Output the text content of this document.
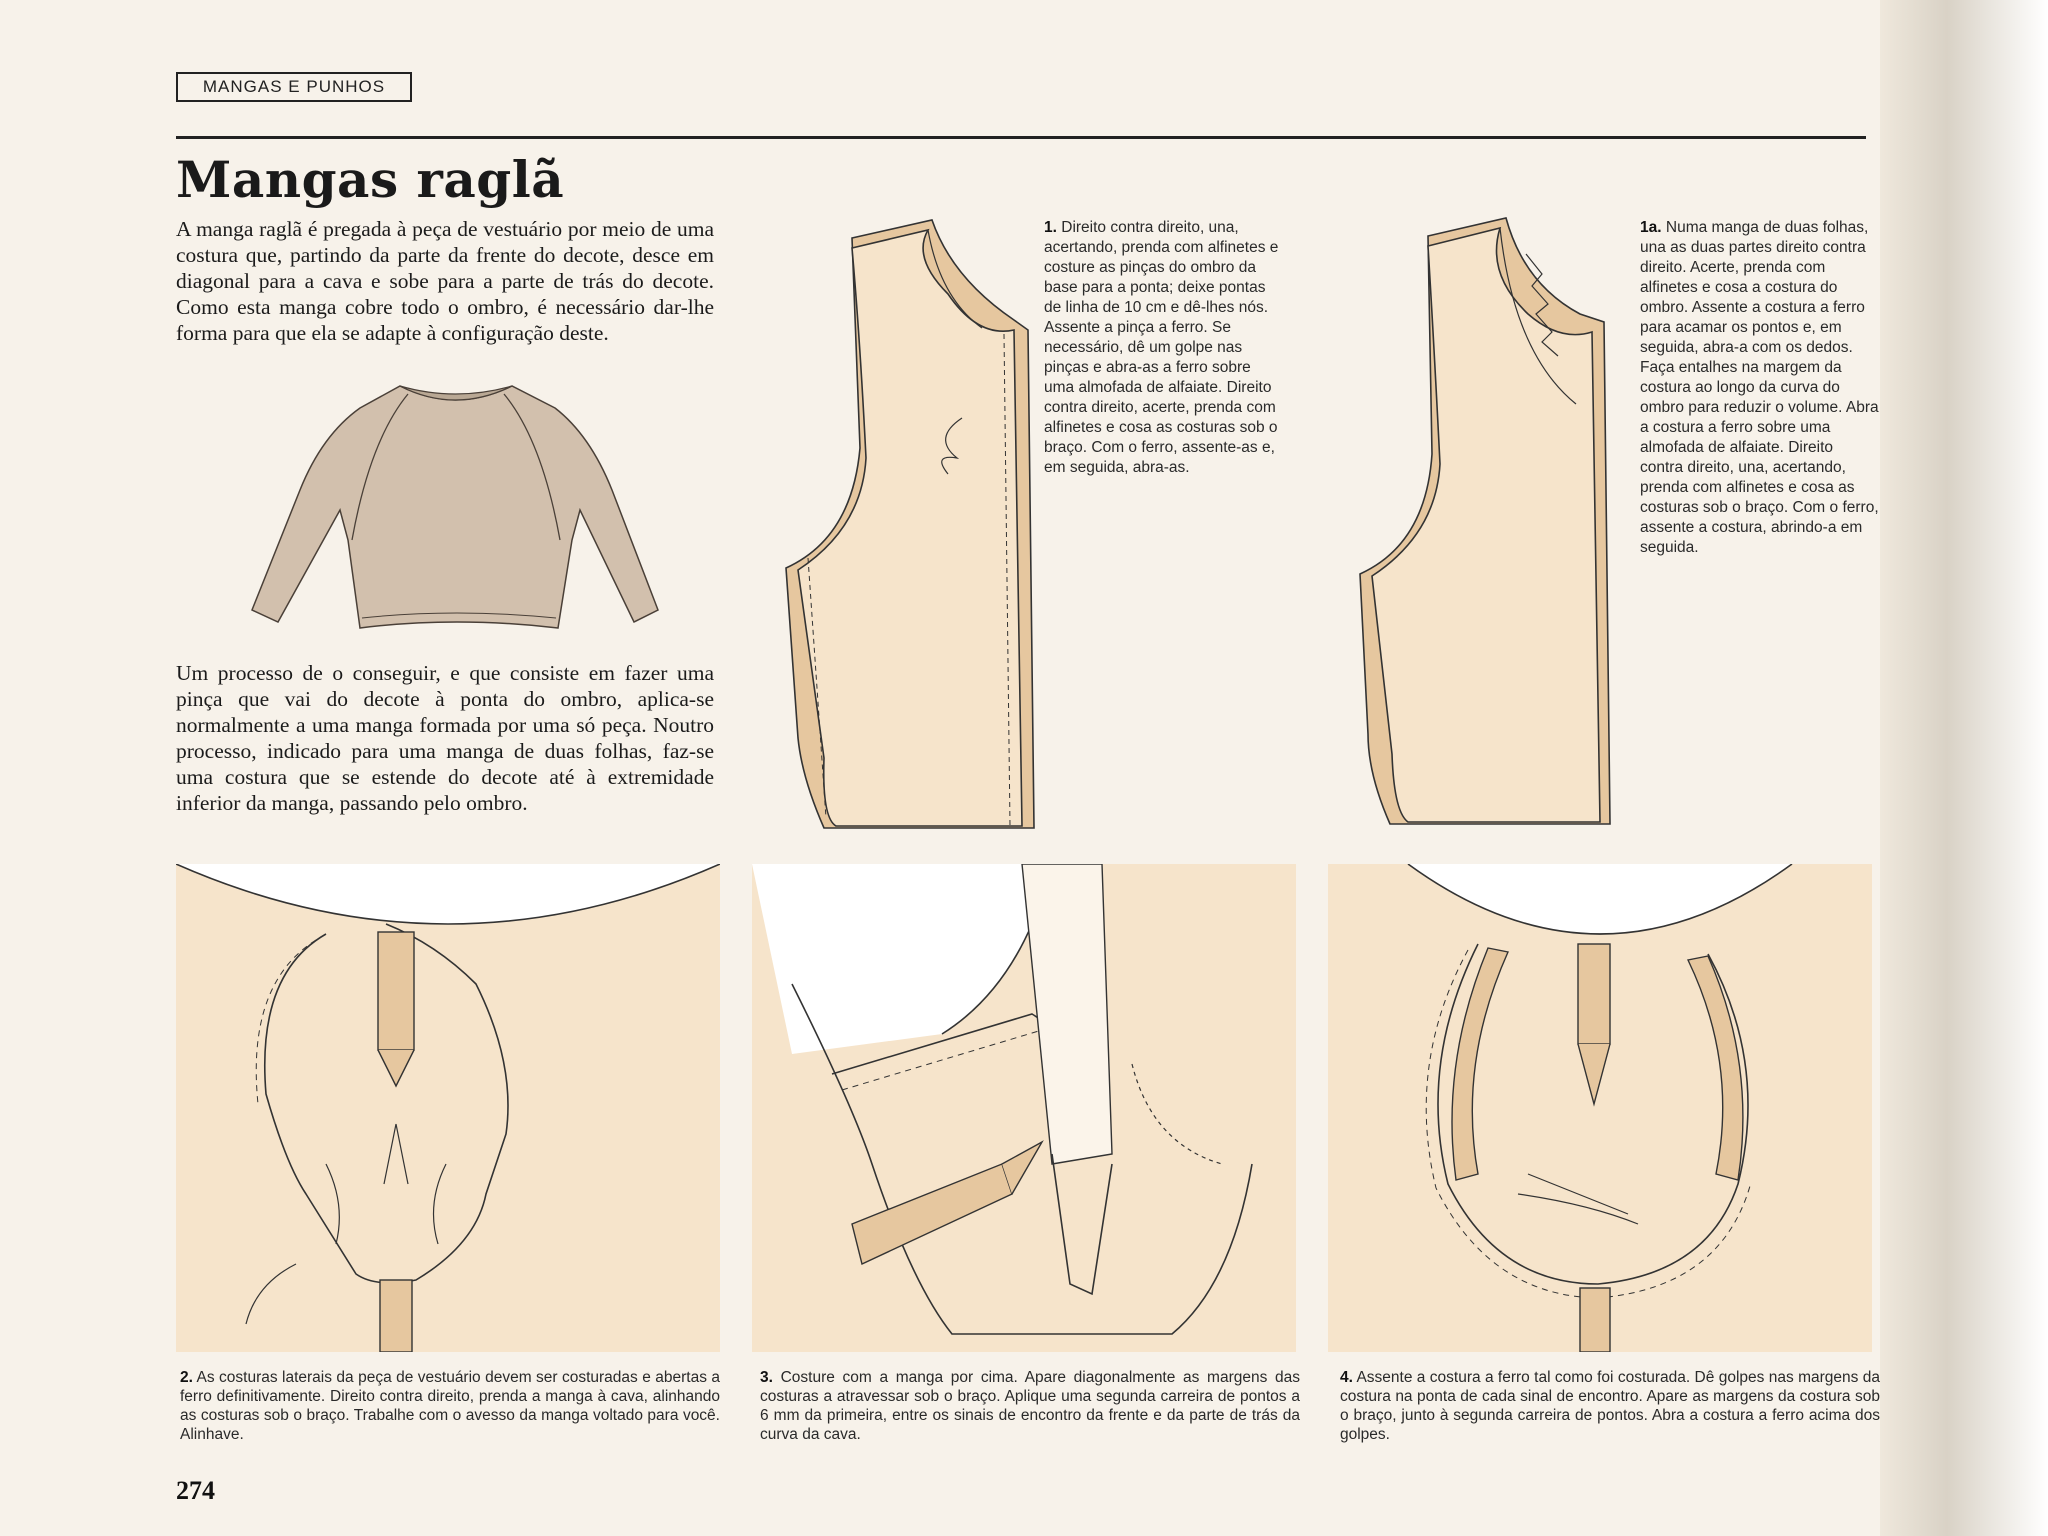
MANGAS E PUNHOS
Mangas raglã

A manga raglã é pregada à peça de vestuário por meio de uma costura que, partindo da parte da frente do decote, desce em diagonal para a cava e sobe para a parte de trás do decote. Como esta manga cobre todo o ombro, é necessário dar-lhe forma para que ela se adapte à configuração deste.

Um processo de o conseguir, e que consiste em fazer uma pinça que vai do decote à ponta do ombro, aplica-se normalmente a uma manga formada por uma só peça. Noutro processo, indicado para uma manga de duas folhas, faz-se uma costura que se estende do decote até à extremidade inferior da manga, passando pelo ombro.

1. Direito contra direito, una, acertando, prenda com alfinetes e costure as pinças do ombro da base para a ponta; deixe pontas de linha de 10 cm e dê-lhes nós. Assente a pinça a ferro. Se necessário, dê um golpe nas pinças e abra-as a ferro sobre uma almofada de alfaiate. Direito contra direito, acerte, prenda com alfinetes e cosa as costuras sob o braço. Com o ferro, assente-as e, em seguida, abra-as.

1a. Numa manga de duas folhas, una as duas partes direito contra direito. Acerte, prenda com alfinetes e cosa a costura do ombro. Assente a costura a ferro para acamar os pontos e, em seguida, abra-a com os dedos. Faça entalhes na margem da costura ao longo da curva do ombro para reduzir o volume. Abra a costura a ferro sobre uma almofada de alfaiate. Direito contra direito, una, acertando, prenda com alfinetes e cosa as costuras sob o braço. Com o ferro, assente a costura, abrindo-a em seguida.

2. As costuras laterais da peça de vestuário devem ser costuradas e abertas a ferro definitivamente. Direito contra direito, prenda a manga à cava, alinhando as costuras sob o braço. Trabalhe com o avesso da manga voltado para você. Alinhave.

3. Costure com a manga por cima. Apare diagonalmente as margens das costuras a atravessar sob o braço. Aplique uma segunda carreira de pontos a 6 mm da primeira, entre os sinais de encontro da frente e da parte de trás da curva da cava.

4. Assente a costura a ferro tal como foi costurada. Dê golpes nas margens da costura na ponta de cada sinal de encontro. Apare as margens da costura sob o braço, junto à segunda carreira de pontos. Abra a costura a ferro acima dos golpes.

274
